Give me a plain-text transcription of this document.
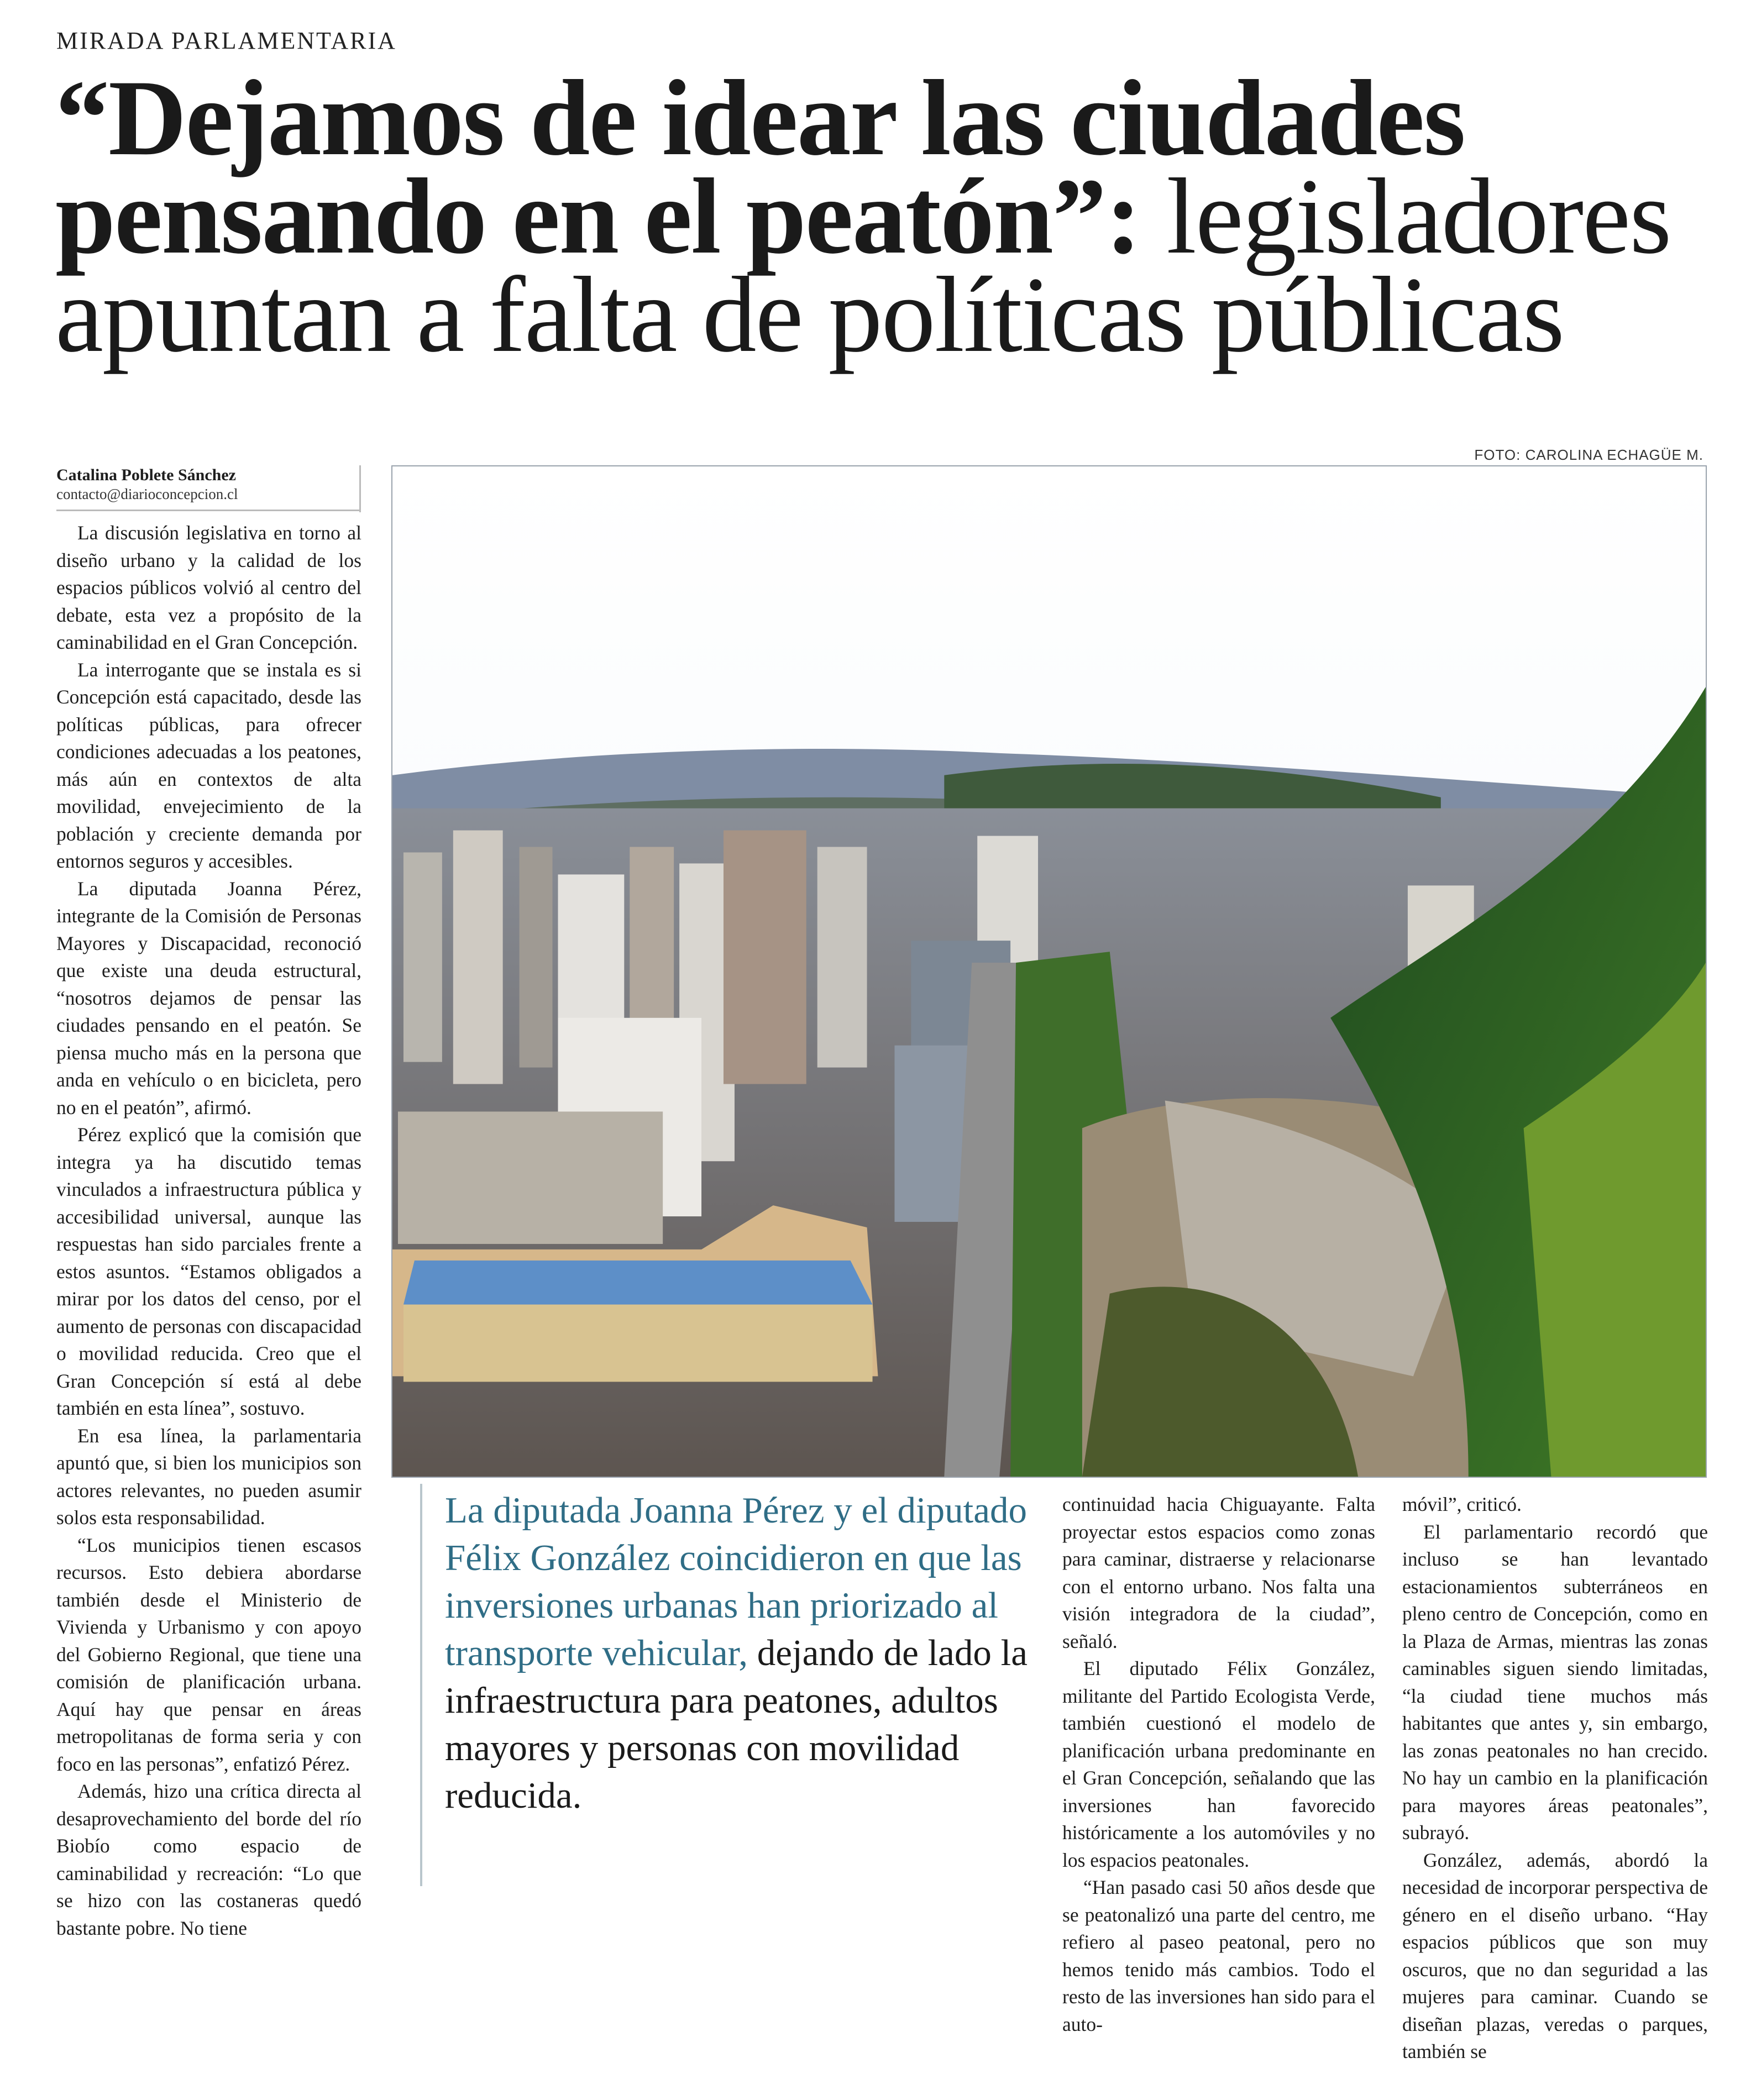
MIRADA PARLAMENTARIA
“Dejamos de idear las ciudades pensando en el peatón”: legisladores apuntan a falta de políticas públicas
FOTO: CAROLINA ECHAGÜE M.
Catalina Poblete Sánchez
contacto@diarioconcepcion.cl

La discusión legislativa en torno al diseño urbano y la calidad de los espacios públicos volvió al centro del debate, esta vez a propósito de la caminabilidad en el Gran Concepción.

La interrogante que se instala es si Concepción está capacitado, desde las políticas públicas, para ofrecer condiciones adecuadas a los peatones, más aún en contextos de alta movilidad, envejecimiento de la población y creciente demanda por entornos seguros y accesibles.

La diputada Joanna Pérez, integrante de la Comisión de Personas Mayores y Discapacidad, reconoció que existe una deuda estructural, “nosotros dejamos de pensar las ciudades pensando en el peatón. Se piensa mucho más en la persona que anda en vehículo o en bicicleta, pero no en el peatón”, afirmó.

Pérez explicó que la comisión que integra ya ha discutido temas vinculados a infraestructura pública y accesibilidad universal, aunque las respuestas han sido parciales frente a estos asuntos. “Estamos obligados a mirar por los datos del censo, por el aumento de personas con discapacidad o movilidad reducida. Creo que el Gran Concepción sí está al debe también en esta línea”, sostuvo.

En esa línea, la parlamentaria apuntó que, si bien los municipios son actores relevantes, no pueden asumir solos esta responsabilidad.

“Los municipios tienen escasos recursos. Esto debiera abordarse también desde el Ministerio de Vivienda y Urbanismo y con apoyo del Gobierno Regional, que tiene una comisión de planificación urbana. Aquí hay que pensar en áreas metropolitanas de forma seria y con foco en las personas”, enfatizó Pérez.

Además, hizo una crítica directa al desaprovechamiento del borde del río Biobío como espacio de caminabilidad y recreación: “Lo que se hizo con las costaneras quedó bastante pobre. No tiene

La diputada Joanna Pérez y el diputado Félix González coincidieron en que las inversiones urbanas han priorizado al transporte vehicular, dejando de lado la infraestructura para peatones, adultos mayores y personas con movilidad reducida.

continuidad hacia Chiguayante. Falta proyectar estos espacios como zonas para caminar, distraerse y relacionarse con el entorno urbano. Nos falta una visión integradora de la ciudad”, señaló.

El diputado Félix González, militante del Partido Ecologista Verde, también cuestionó el modelo de planificación urbana predominante en el Gran Concepción, señalando que las inversiones han favorecido históricamente a los automóviles y no los espacios peatonales.

“Han pasado casi 50 años desde que se peatonalizó una parte del centro, me refiero al paseo peatonal, pero no hemos tenido más cambios. Todo el resto de las inversiones han sido para el auto-

móvil”, criticó.

El parlamentario recordó que incluso se han levantado estacionamientos subterráneos en pleno centro de Concepción, como en la Plaza de Armas, mientras las zonas caminables siguen siendo limitadas, “la ciudad tiene muchos más habitantes que antes y, sin embargo, las zonas peatonales no han crecido. No hay un cambio en la planificación para mayores áreas peatonales”, subrayó.

González, además, abordó la necesidad de incorporar perspectiva de género en el diseño urbano. “Hay espacios públicos que son muy oscuros, que no dan seguridad a las mujeres para caminar. Cuando se diseñan plazas, veredas o parques, también se
